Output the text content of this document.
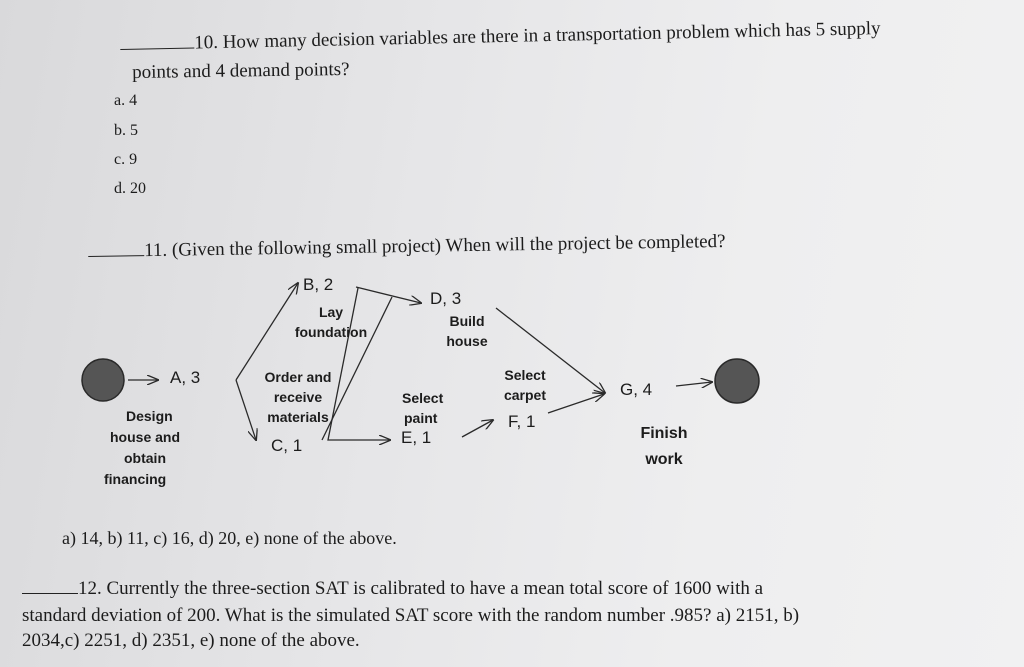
10. How many decision variables are there in a transportation problem which has 5 supply
points and 4 demand points?
a. 4
b. 5
c. 9
d. 20
11. (Given the following small project) When will the project be completed?
A, 3
Design
house and
obtain
financing
B, 2
Lay
foundation
Order and
receive
materials
C, 1
D, 3
Build
house
Select
paint
E, 1
Select
carpet
F, 1
G, 4
Finish
work
a) 14, b) 11, c) 16, d) 20, e) none of the above.
12. Currently the three-section SAT is calibrated to have a mean total score of 1600 with a
standard deviation of 200. What is the simulated SAT score with the random number .985? a) 2151, b)
2034,c) 2251, d) 2351, e) none of the above.
